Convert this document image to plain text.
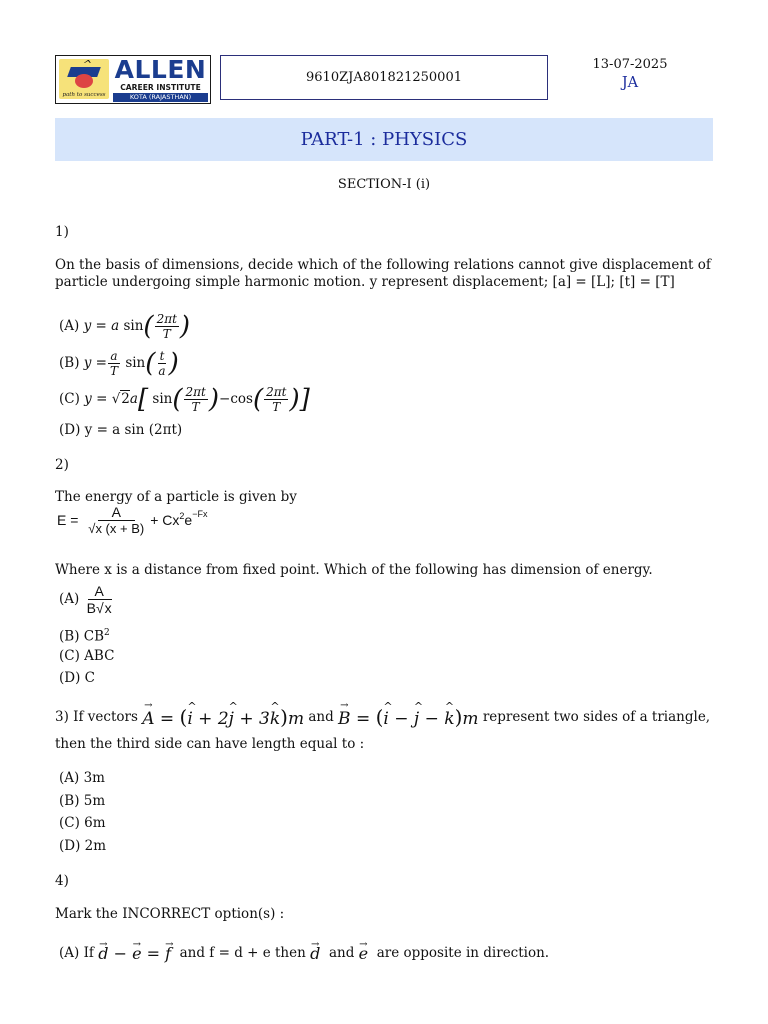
^
path to success
ALLEN
CAREER INSTITUTE
KOTA (RAJASTHAN)
9610ZJA801821250001
13-07-2025
JA
PART-1 : PHYSICS
SECTION-I (i)
1)
On the basis of dimensions, decide which of the following relations cannot give displacement of particle undergoing simple harmonic motion. y represent displacement; [a] = [L]; [t] = [T]
(A)
y = a $\sin( \frac{2\pi t}{T}$ )
(B)
$y = \frac{a}{T} \sin( \frac{t}{a}$ )
(C)
y = √2a[ $\sin( \frac{2\pi t}{T} )-\cos( \frac{2\pi t}{T}$ )]
(D) y = a sin (2πt)
2)
The energy of a particle is given by
E =
$\frac{A}{√x (x + B)} + Cx^2$ $e^{-Fx}$
Where x is a distance from fixed point. Which of the following has dimension of energy.
(A)
$\frac{A}{B√x}$
(B) $CB^2$
(C) ABC
(D) C
3) If vectors
→ A = (^ i + 2^ j + 3^ k)m
and
→ B = (^ i − ^ j − ^ k)m
represent two sides of a triangle,
then the third side can have length equal to :
(A) 3m
(B) 5m
(C) 6m
(D) 2m
4)
Mark the INCORRECT option(s) :
(A)
If
→ d − → e = → f
and f = d + e then
→ d
and
→ e
are opposite in direction.
